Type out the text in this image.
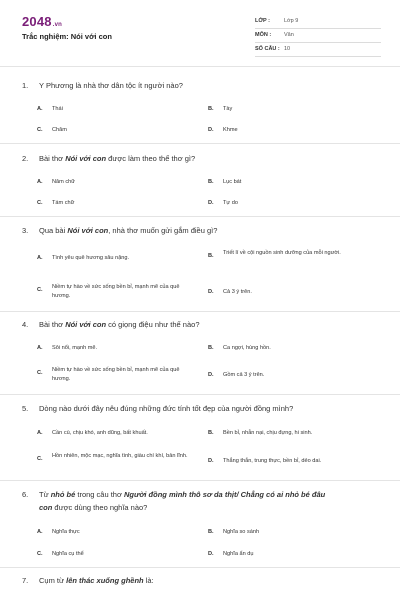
2048.vn
Trắc nghiệm: Nói với con
LỚP :	Lớp 9
MÔN : Văn
SỐ CÂU : 10
1. Y Phương là nhà thơ dân tộc ít người nào?
A. Thái	B. Tày
C. Chăm	D. Khme
2. Bài thơ Nói với con được làm theo thể thơ gì?
A. Năm chữ	B. Lục bát
C. Tám chữ	D. Tự do
3. Qua bài Nói với con, nhà thơ muốn gửi gắm điều gì?
A. Tình yêu quê hương sâu nặng.	B. Triết lí về cội nguồn sinh dưỡng của mỗi người.
C. Niềm tự hào về sức sống bền bỉ, mạnh mẽ của quê hương.
D. Cả 3 ý trên.
4. Bài thơ Nói với con có giọng điệu như thế nào?
A. Sôi nổi, mạnh mẽ.	B. Ca ngợi, hùng hồn.
C. Niềm tự hào về sức sống bền bỉ, mạnh mẽ của quê hương.
D. Gồm cả 3 ý trên.
5. Dòng nào dưới đây nêu đúng những đức tính tốt đẹp của người đồng mình?
A. Cần cù, chịu khó, anh dũng, bất khuất.	B. Bền bỉ, nhẫn nại, chịu đựng, hi sinh.
C. Hồn nhiên, mộc mạc, nghĩa tình, giàu chí khí, bản lĩnh.
D. Thẳng thắn, trung thực, bền bỉ, dẻo dai.
6. Từ nhỏ bé trong câu thơ Người đồng mình thô sơ da thịt/ Chẳng có ai nhỏ bé đâu
con được dùng theo nghĩa nào?
A. Nghĩa thực	B. Nghĩa so sánh
C. Nghĩa cụ thể	D. Nghĩa ẩn dụ
7. Cụm từ lên thác xuống ghềnh là:
